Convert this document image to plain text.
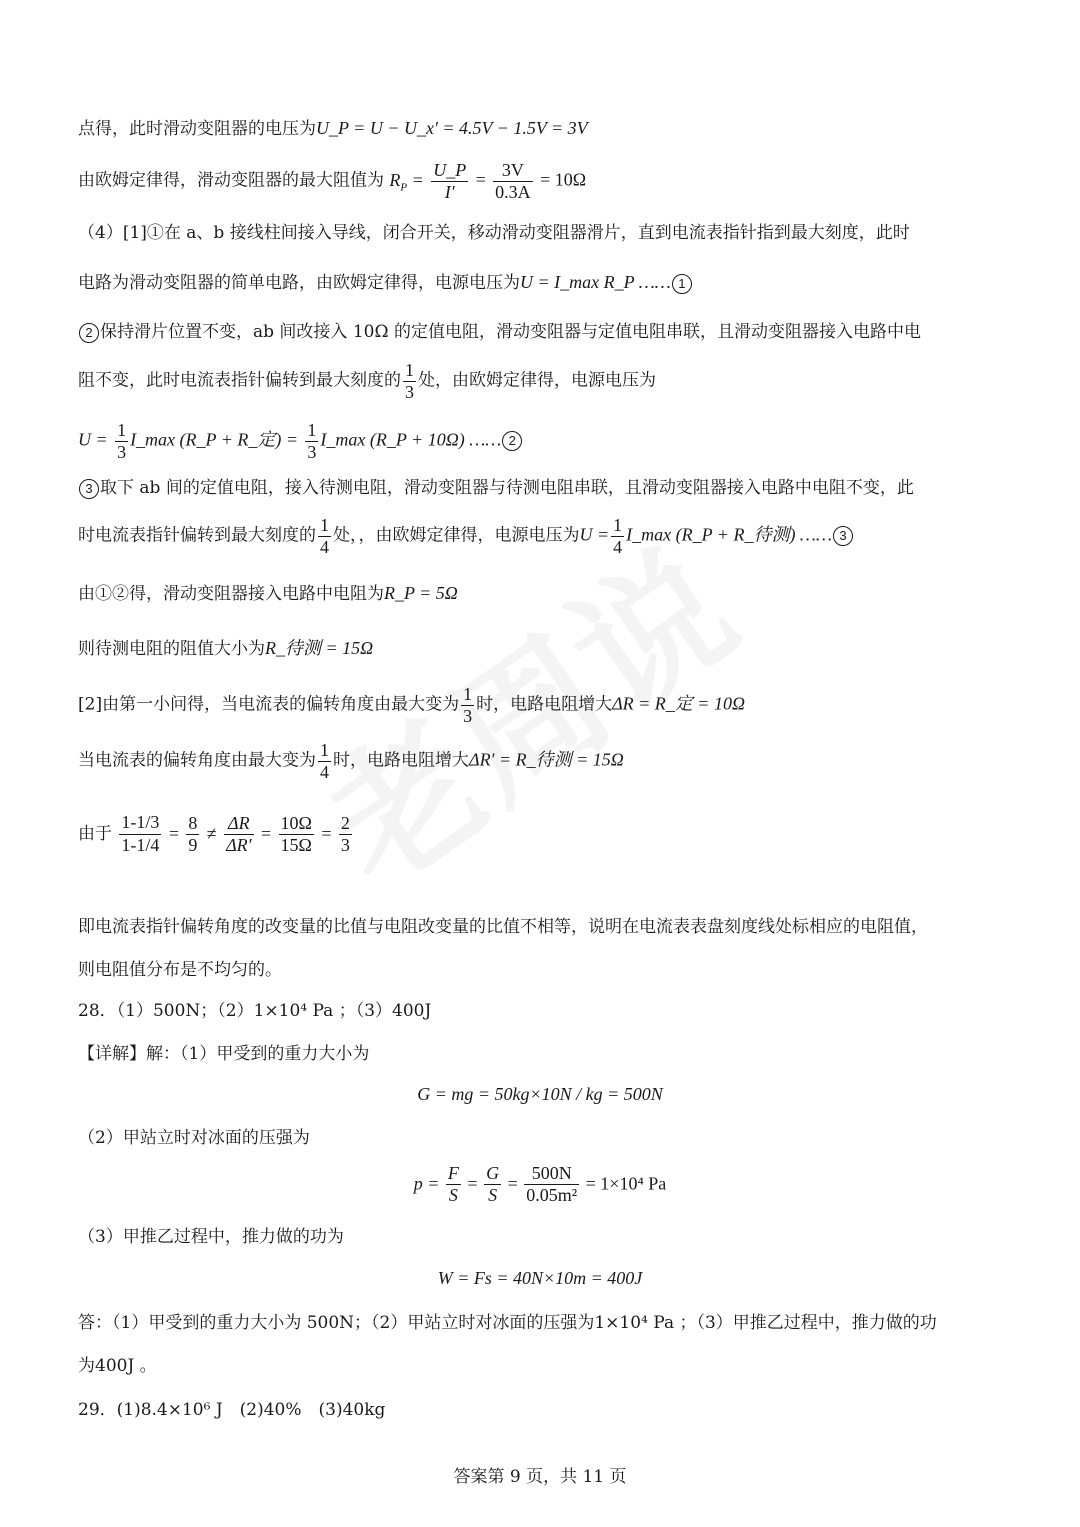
点得，此时滑动变阻器的电压为U_P = U − U_x′ = 4.5V − 1.5V = 3V
由欧姆定律得，滑动变阻器的最大阻值为 $R_P = \frac{U\_P}{I'} = \frac{3V}{0.3A} = 10\Omega$
（4）[1]①在 a、b 接线柱间接入导线，闭合开关，移动滑动变阻器滑片，直到电流表指针指到最大刻度，此时
电路为滑动变阻器的简单电路，由欧姆定律得，电源电压为U = I_max R_P …… 1
2 保持滑片位置不变，ab 间改接入 10Ω 的定值电阻，滑动变阻器与定值电阻串联，且滑动变阻器接入电路中电
阻不变，此时电流表指针偏转到最大刻度的 $\frac{1}{3}$ 处，由欧姆定律得，电源电压为
$U = \frac{1}{3}$ I_max (R_P + R_定) = $\frac{1}{3}$ I_max (R_P + 10Ω) …… 2
3 取下 ab 间的定值电阻，接入待测电阻，滑动变阻器与待测电阻串联，且滑动变阻器接入电路中电阻不变，此
时电流表指针偏转到最大刻度的 $\frac{1}{4}$ 处，，由欧姆定律得，电源电压为$U = \frac{1}{4}$ I_max (R_P + R_待测) …… 3
由①②得，滑动变阻器接入电路中电阻为R_P = 5Ω
则待测电阻的阻值大小为R_待测 = 15Ω
[2]由第一小问得，当电流表的偏转角度由最大变为 $\frac{1}{3}$ 时，电路电阻增大ΔR = R_定 = 10Ω
当电流表的偏转角度由最大变为 $\frac{1}{4}$ 时，电路电阻增大ΔR′ = R_待测 = 15Ω
由于 $\frac{1-1/3}{1-1/4} = \frac{8}{9} \ne \frac{\Delta R}{\Delta R'} = \frac{10\Omega}{15\Omega} = \frac{2}{3}$
即电流表指针偏转角度的改变量的比值与电阻改变量的比值不相等，说明在电流表表盘刻度线处标相应的电阻值，
则电阻值分布是不均匀的。
28．（1）500N；（2）1×10⁴ Pa ；（3）400J
【详解】解：（1）甲受到的重力大小为
G = mg = 50kg×10N / kg = 500N
（2）甲站立时对冰面的压强为
$p = \frac{F}{S} = \frac{G}{S} = \frac{500N}{\text{0.05m²}} = 1\times 10^4$ Pa
（3）甲推乙过程中，推力做的功为
W = Fs = 40N×10m = 400J
答：（1）甲受到的重力大小为 500N；（2）甲站立时对冰面的压强为1×10⁴ Pa ；（3）甲推乙过程中，推力做的功
为400J 。
29．(1)8.4×10⁶ J　(2)40%　(3)40kg
答案第 9 页，共 11 页
